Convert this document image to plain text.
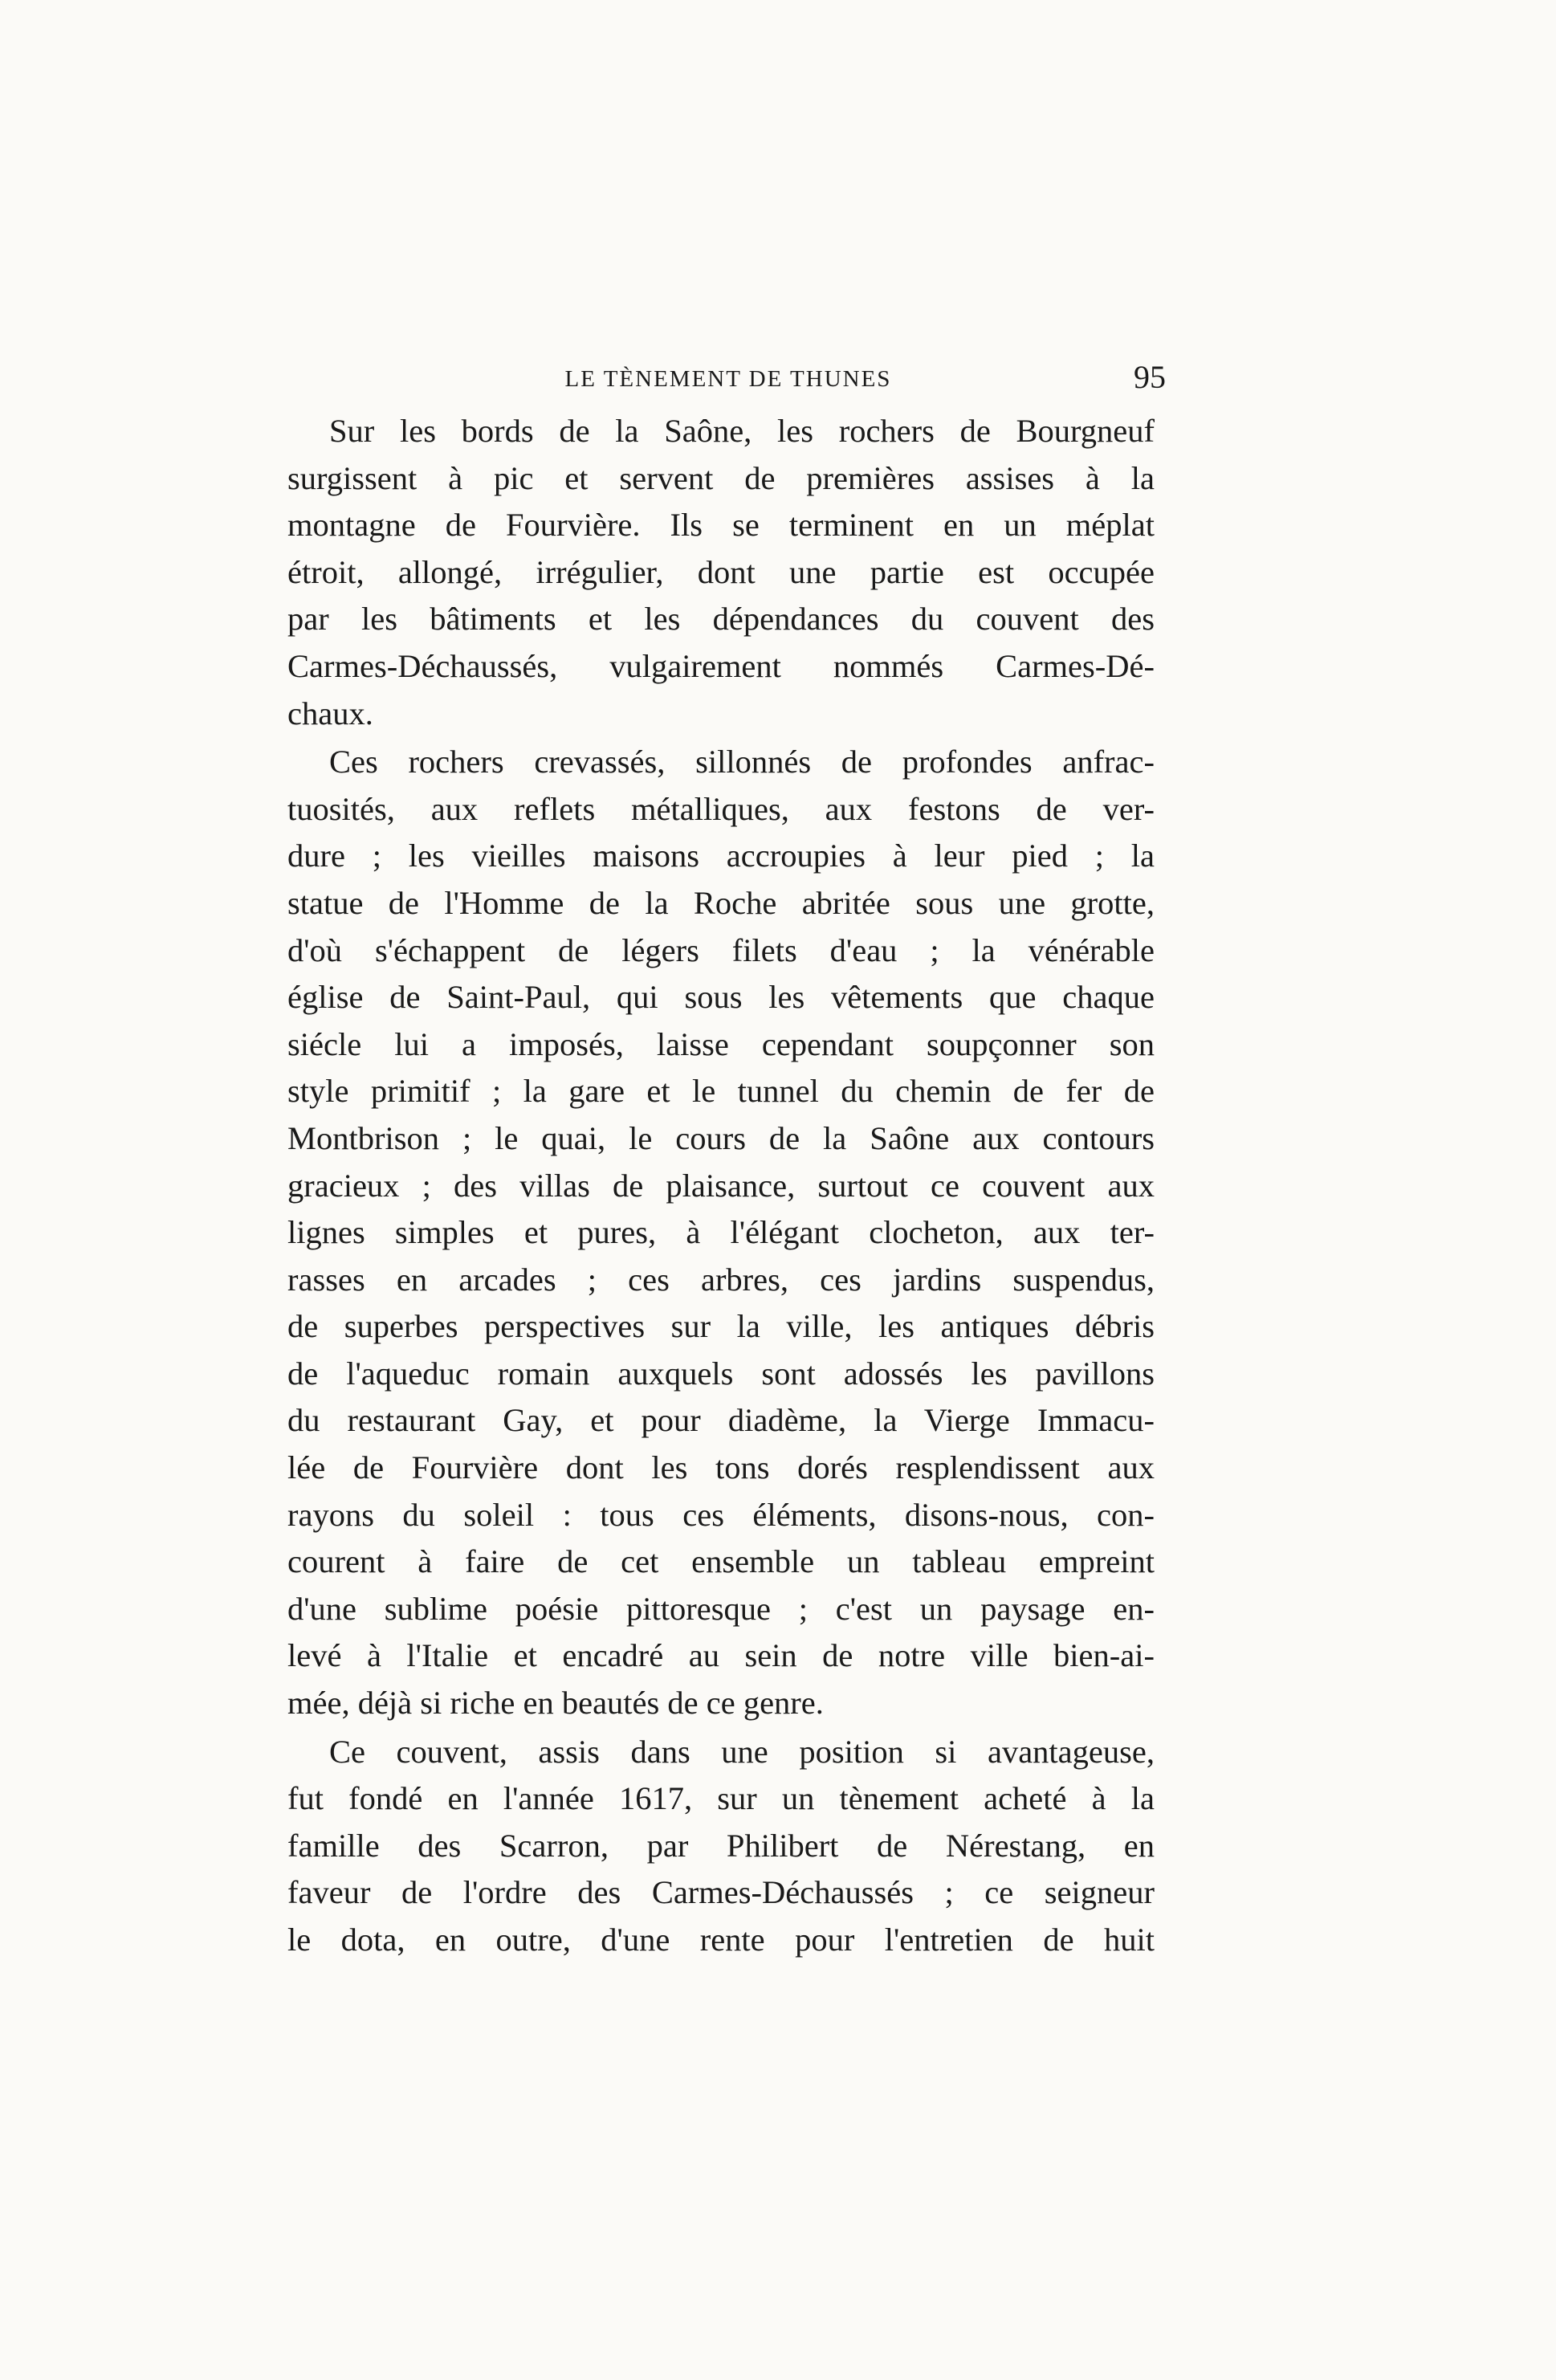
LE TÈNEMENT DE THUNES	95
Sur les bords de la Saône, les rochers de Bourgneuf
surgissent à pic et servent de premières assises à la
montagne de Fourvière. Ils se terminent en un méplat
étroit, allongé, irrégulier, dont une partie est occupée
par les bâtiments et les dépendances du couvent des
Carmes-Déchaussés, vulgairement nommés Carmes-Dé-
chaux.
Ces rochers crevassés, sillonnés de profondes anfrac-
tuosités, aux reflets métalliques, aux festons de ver-
dure ; les vieilles maisons accroupies à leur pied ; la
statue de l'Homme de la Roche abritée sous une grotte,
d'où s'échappent de légers filets d'eau ; la vénérable
église de Saint-Paul, qui sous les vêtements que chaque
siécle lui a imposés, laisse cependant soupçonner son
style primitif ; la gare et le tunnel du chemin de fer de
Montbrison ; le quai, le cours de la Saône aux contours
gracieux ; des villas de plaisance, surtout ce couvent aux
lignes simples et pures, à l'élégant clocheton, aux ter-
rasses en arcades ; ces arbres, ces jardins suspendus,
de superbes perspectives sur la ville, les antiques débris
de l'aqueduc romain auxquels sont adossés les pavillons
du restaurant Gay, et pour diadème, la Vierge Immacu-
lée de Fourvière dont les tons dorés resplendissent aux
rayons du soleil : tous ces éléments, disons-nous, con-
courent à faire de cet ensemble un tableau empreint
d'une sublime poésie pittoresque ; c'est un paysage en-
levé à l'Italie et encadré au sein de notre ville bien-ai-
mée, déjà si riche en beautés de ce genre.
Ce couvent, assis dans une position si avantageuse,
fut fondé en l'année 1617, sur un tènement acheté à la
famille des Scarron, par Philibert de Nérestang, en
faveur de l'ordre des Carmes-Déchaussés ; ce seigneur
le dota, en outre, d'une rente pour l'entretien de huit
